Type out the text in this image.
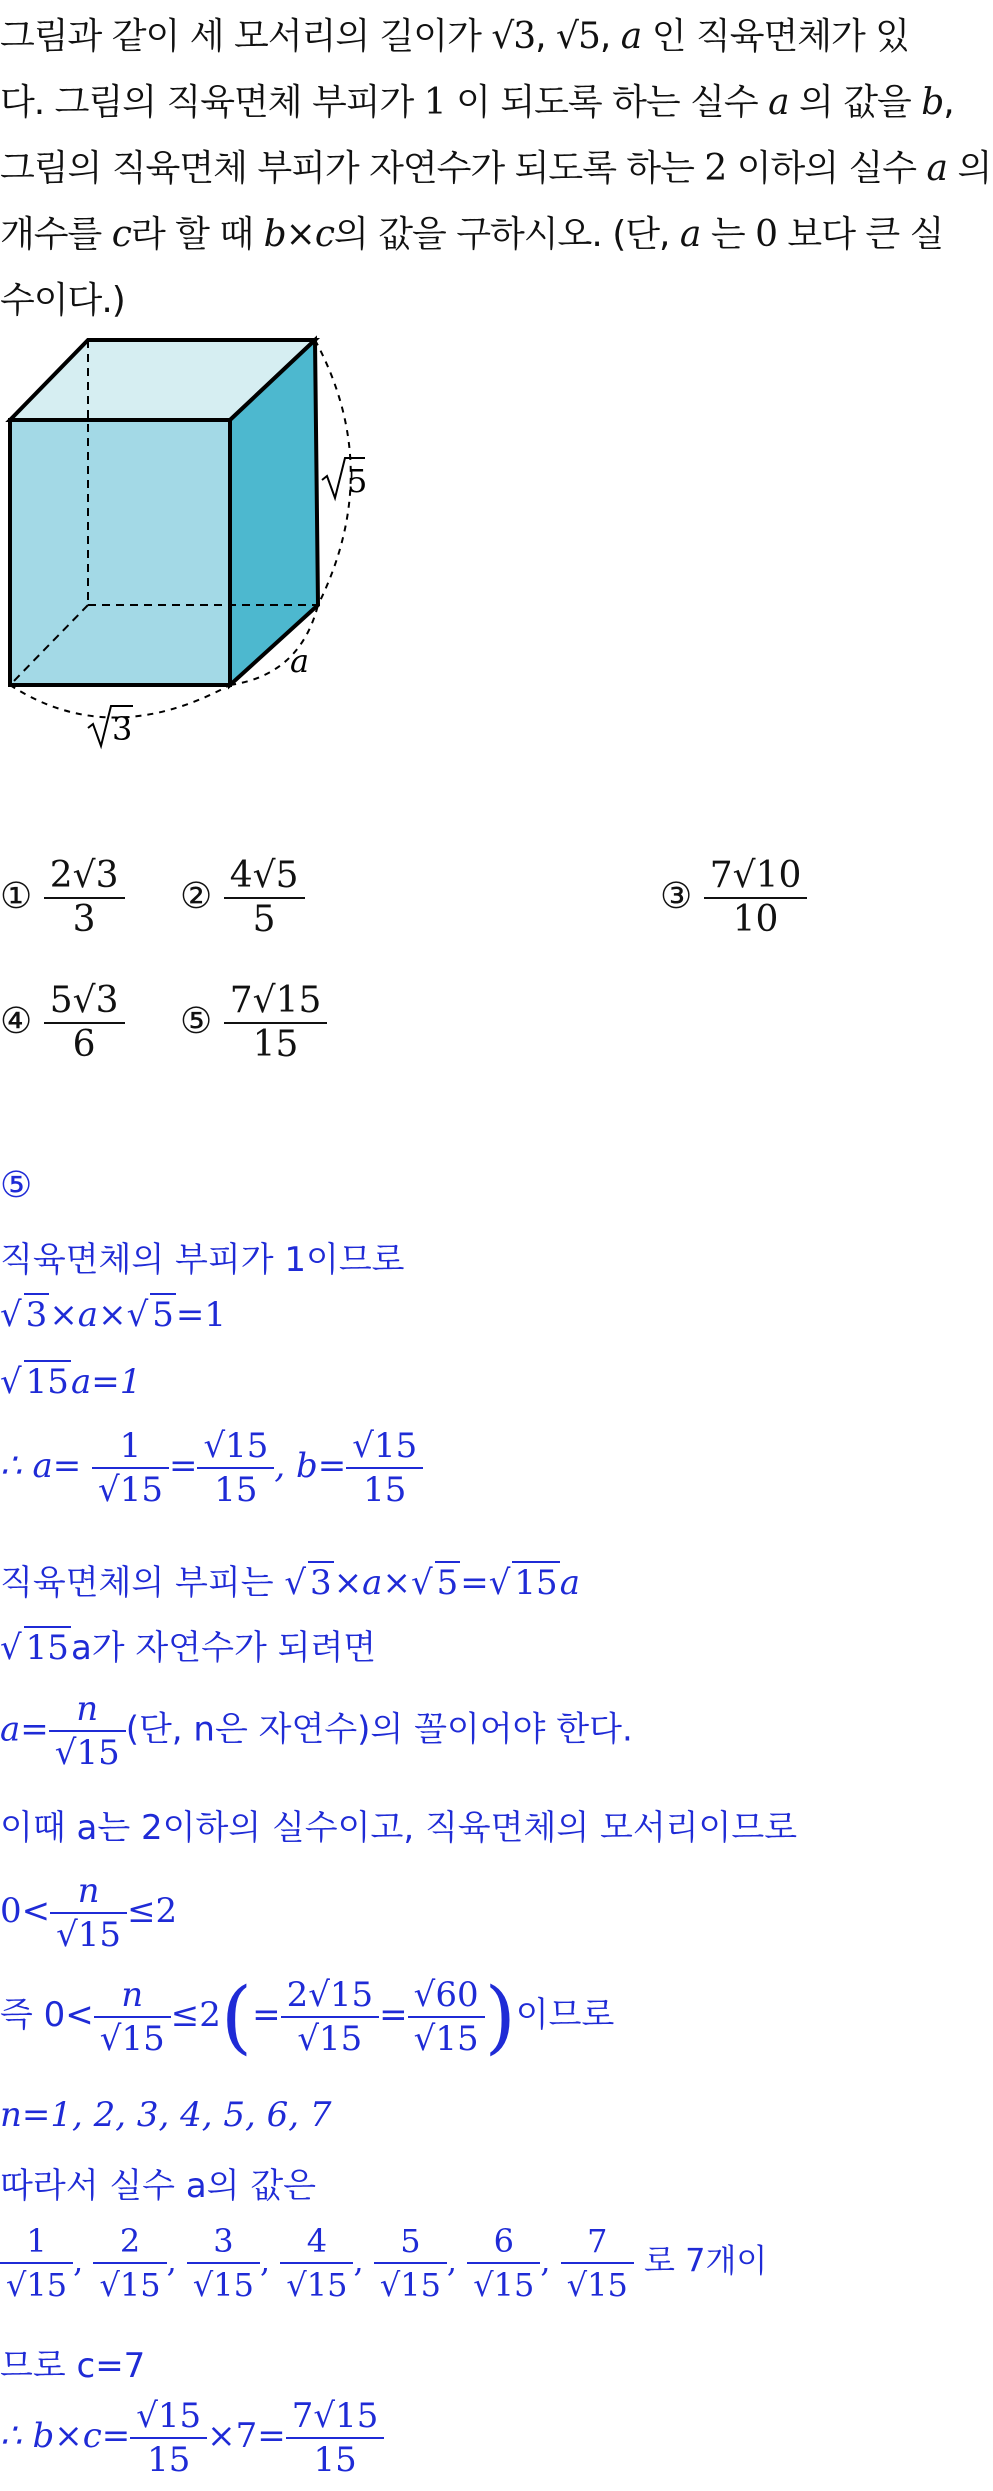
그림과 같이 세 모서리의 길이가 √3, √5, a 인 직육면체가 있
다. 그림의 직육면체 부피가 1 이 되도록 하는 실수 a 의 값을 b,
그림의 직육면체 부피가 자연수가 되도록 하는 2 이하의 실수 a 의
개수를 c라 할 때 b×c의 값을 구하시오. (단, a 는 0 보다 큰 실
수이다.)
5
3
a
① $\frac{2√3}{3}$ ② $\frac{4√5}{5}$	③ $\frac{7√10}{10}$
④ $\frac{5√3}{6}$ ⑤ $\frac{7√15}{15}$
⑤
직육면체의 부피가 1이므로
√ 3×a×√ 5=1
√ 15a=1
∴ $a= \frac{1}{√15} = \frac{√15}{15}$ , $b= \frac{√15}{15}$
직육면체의 부피는 √ 3×a×√ 5=√ 15a
√ 15a가 자연수가 되려면
$a= \frac{n}{√15}$ (단, n은 자연수)의 꼴이어야 한다.
이때 a는 2이하의 실수이고, 직육면체의 모서리이므로
$0< \frac{n}{√15} \le 2$
즉 $0< \frac{n}{√15} \le 2(= \frac{2√15}{√15} = \frac{√60}{√15}$ )이므로
n=1, 2, 3, 4, 5, 6, 7
따라서 실수 a의 값은
$\frac{1}{√15}$ , $\frac{2}{√15}$ , $\frac{3}{√15}$ , $\frac{4}{√15}$ , $\frac{5}{√15}$ , $\frac{6}{√15}$ , $\frac{7}{√15}$ 로 7개이
므로 c=7
∴ $b\times c= \frac{√15}{15} \times 7= \frac{7√15}{15}$
